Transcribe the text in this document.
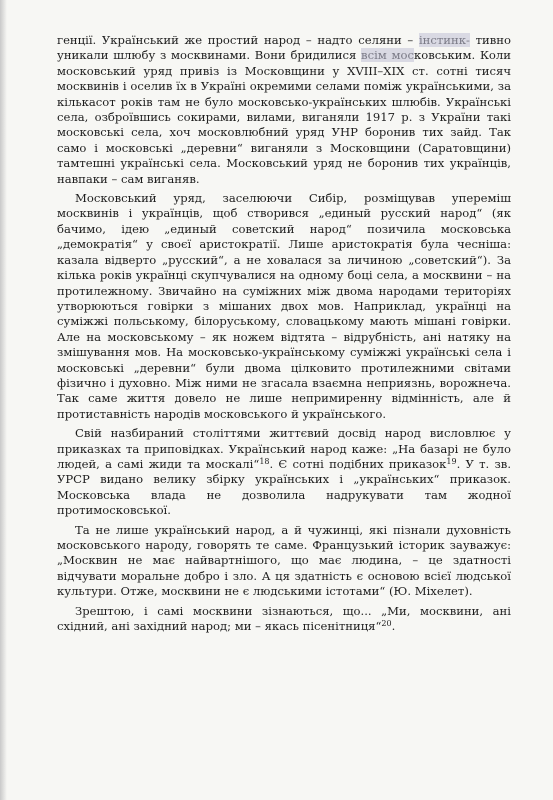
генції. Український же простий народ – надто селяни – інстинк- тивно уникали шлюбу з москвинами. Вони бридилися всім московським. Коли московський уряд привіз із Московщини у XVIII–XIX ст. сотні тисяч москвинів і оселив їх в Україні окремими селами поміж українськими, за кількасот років там не було московсько-українських шлюбів. Українські села, озброївшись сокирами, вилами, виганяли 1917 р. з України такі московські села, хоч московлюбний уряд УНР боронив тих зайд. Так само і московські „деревни“ виганяли з Московщини (Саратовщини) тамтешні українські села. Московський уряд не боронив тих українців, навпаки – сам виганяв.

Московський уряд, заселюючи Сибір, розміщував упереміш москвинів і українців, щоб створився „единый русский народ“ (як бачимо, ідею „единый советский народ“ позичила московська „демократія“ у своєї аристократії. Лише аристократія була чесніша: казала відверто „русский“, а не ховалася за личиною „советский“). За кілька років українці скупчувалися на одному боці села, а москвини – на протилежному. Звичайно на суміжних між двома народами територіях утворюються говірки з мішаних двох мов. Наприклад, українці на суміжжі польському, білоруському, словацькому мають мішані говірки. Але на московському – як ножем відтята – відрубність, ані натяку на змішування мов. На московсько-українському суміжжі українські села і московські „деревни“ були двома цілковито протилежними світами фізично і духовно. Між ними не згасала взаємна неприязнь, ворожнеча. Так саме життя довело не лише непримиренну відмінність, але й протиставність народів московського й українського.

Свій назбираний століттями життєвий досвід народ висловлює у приказках та приповідках. Український народ каже: „На базарі не було людей, а самі жиди та москалі“$^{18}$. Є сотні подібних приказок$^{19}$. У т. зв. УРСР видано велику збірку українських і „українських“ приказок. Московська влада не дозволила надрукувати там жодної протимосковської.

Та не лише український народ, а й чужинці, які пізнали духовність московського народу, говорять те саме. Французький історик зауважує: „Москвин не має найвартнішого, що має людина, – це здатності відчувати моральне добро і зло. А ця здатність є основою всієї людської культури. Отже, москвини не є людськими істотами“ (Ю. Міхелет).

Зрештою, і самі москвини зізнаються, що... „Ми, москвини, ані східний, ані західний народ; ми – якась пісенітниця“$^{20}$.
